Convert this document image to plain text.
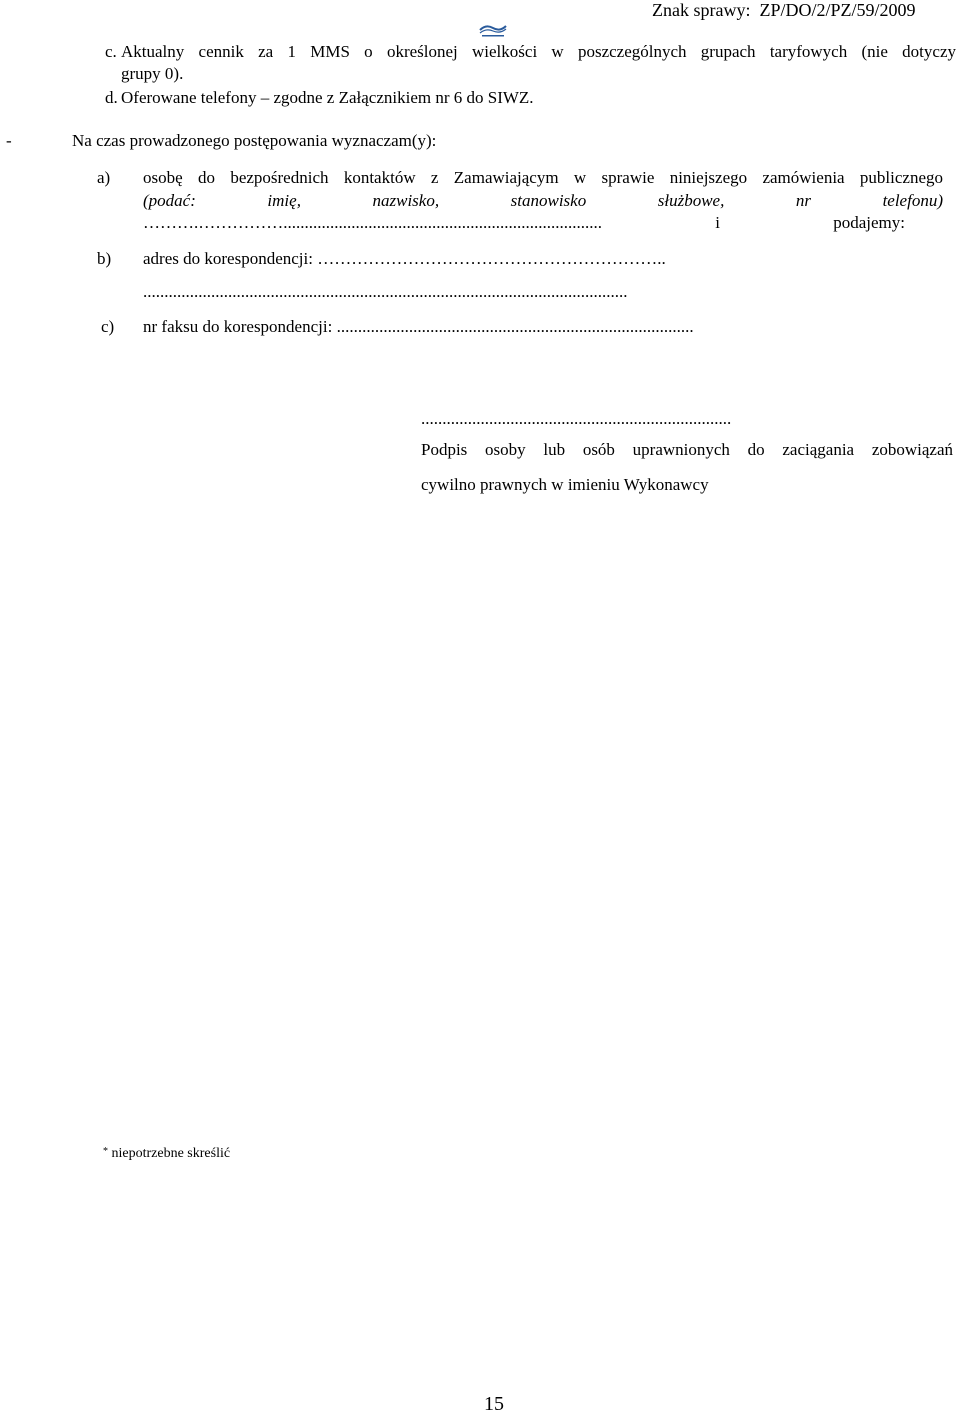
Znak sprawy: ZP/DO/2/PZ/59/2009
c. Aktualny cennik za 1 MMS o określonej wielkości w poszczególnych grupach taryfowych (nie dotyczy
grupy 0).
d. Oferowane telefony – zgodne z Załącznikiem nr 6 do SIWZ.
-	Na czas prowadzonego postępowania wyznaczam(y):
a) osobę do bezpośrednich kontaktów z Zamawiającym w sprawie niniejszego zamówienia publicznego
(podać: imię, nazwisko, stanowisko służbowe, nr telefonu)
……….……………........................................................................... i podajemy:
b) adres do korespondencji: ……………………………………………………..
..................................................................................................................
c) nr faksu do korespondencji: ....................................................................................
.........................................................................
Podpis osoby lub osób uprawnionych do zaciągania zobowiązań
cywilno prawnych w imieniu Wykonawcy
* niepotrzebne skreślić
15
